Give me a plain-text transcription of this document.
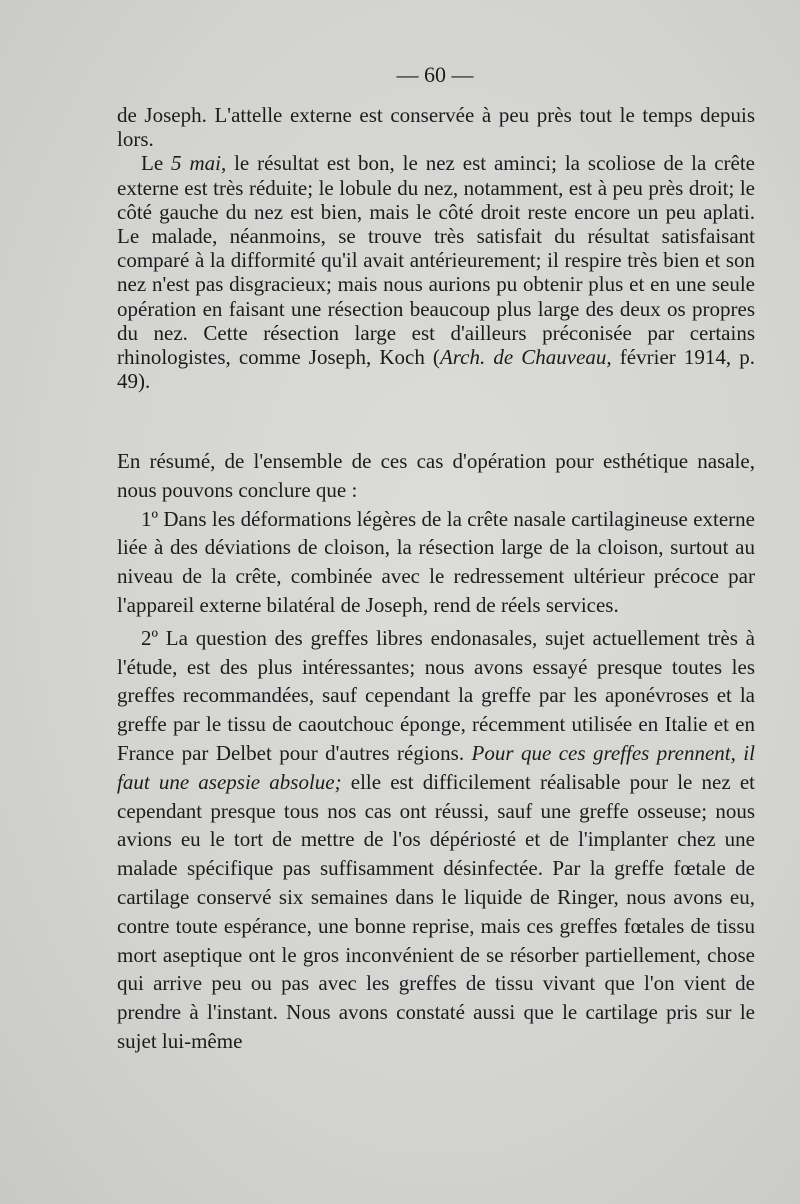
— 60 —

de Joseph. L'attelle externe est conservée à peu près tout le temps depuis lors.

Le 5 mai, le résultat est bon, le nez est aminci; la scoliose de la crête externe est très réduite; le lobule du nez, notamment, est à peu près droit; le côté gauche du nez est bien, mais le côté droit reste encore un peu aplati. Le malade, néanmoins, se trouve très satisfait du résultat satisfaisant comparé à la difformité qu'il avait antérieurement; il respire très bien et son nez n'est pas disgracieux; mais nous aurions pu obtenir plus et en une seule opération en faisant une résection beaucoup plus large des deux os propres du nez. Cette résection large est d'ailleurs préconisée par certains rhinologistes, comme Joseph, Koch (Arch. de Chauveau, février 1914, p. 49).

En résumé, de l'ensemble de ces cas d'opération pour esthétique nasale, nous pouvons conclure que :

1º Dans les déformations légères de la crête nasale cartilagineuse externe liée à des déviations de cloison, la résection large de la cloison, surtout au niveau de la crête, combinée avec le redressement ultérieur précoce par l'appareil externe bilatéral de Joseph, rend de réels services.

2º La question des greffes libres endonasales, sujet actuellement très à l'étude, est des plus intéressantes; nous avons essayé presque toutes les greffes recommandées, sauf cependant la greffe par les aponévroses et la greffe par le tissu de caoutchouc éponge, récemment utilisée en Italie et en France par Delbet pour d'autres régions. Pour que ces greffes prennent, il faut une asepsie absolue; elle est difficilement réalisable pour le nez et cependant presque tous nos cas ont réussi, sauf une greffe osseuse; nous avions eu le tort de mettre de l'os dépériosté et de l'implanter chez une malade spécifique pas suffisamment désinfectée. Par la greffe fœtale de cartilage conservé six semaines dans le liquide de Ringer, nous avons eu, contre toute espérance, une bonne reprise, mais ces greffes fœtales de tissu mort aseptique ont le gros inconvénient de se résorber partiellement, chose qui arrive peu ou pas avec les greffes de tissu vivant que l'on vient de prendre à l'instant. Nous avons constaté aussi que le cartilage pris sur le sujet lui-même
